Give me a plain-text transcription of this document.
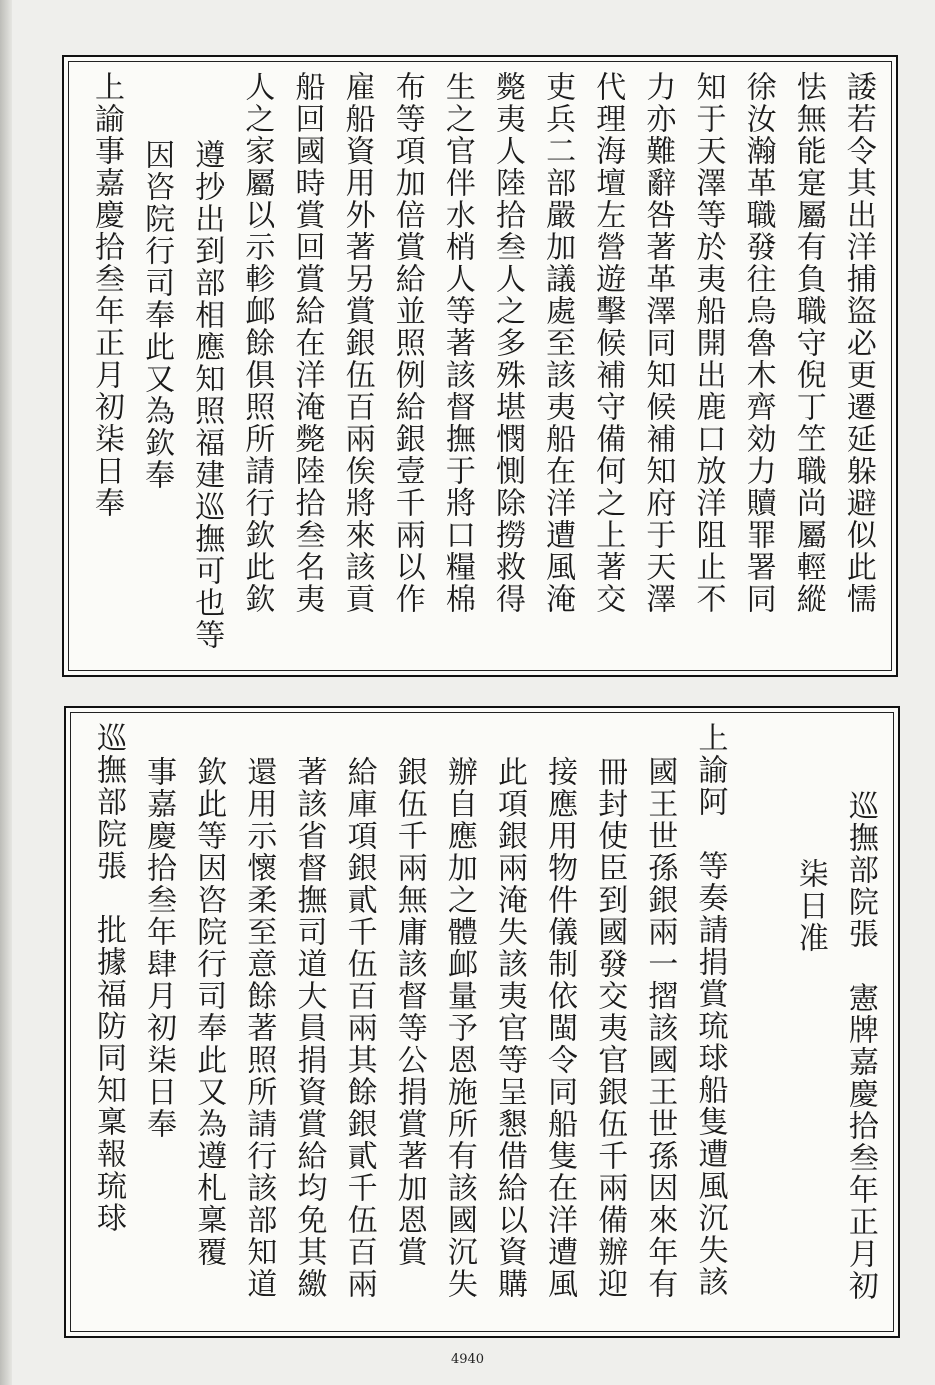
諉若令其出洋捕盜必更遷延躲避似此懦
怯無能寔屬有負職守倪丁笁職尚屬輕縱
徐汝瀚革職發往烏魯木齊効力贖罪署同
知于天澤等於夷船開出鹿口放洋阻止不
力亦難辭咎著革澤同知候補知府于天澤
代理海壇左營遊擊候補守備何之上著交
吏兵二部嚴加議處至該夷船在洋遭風淹
斃夷人陸拾叁人之多殊堪憫惻除撈救得
生之官伴水梢人等著該督撫于將口糧棉
布等項加倍賞給並照例給銀壹千兩以作
雇船資用外著另賞銀伍百兩俟將來該貢
船回國時賞回賞給在洋淹斃陸拾叁名夷
人之家屬以示軫䘏餘俱照所請行欽此欽
遵抄出到部相應知照福建巡撫可也等
因咨院行司奉此又為欽奉
上諭事嘉慶拾叁年正月初柒日奉
巡撫部院張　憲牌嘉慶拾叁年正月初
柒日准
上諭阿　等奏請捐賞琉球船隻遭風沉失該
國王世孫銀兩一摺該國王世孫因來年有
冊封使臣到國發交夷官銀伍千兩備辦迎
接應用物件儀制依閩令同船隻在洋遭風
此項銀兩淹失該夷官等呈懇借給以資購
辦自應加之體䘏量予恩施所有該國沉失
銀伍千兩無庸該督等公捐賞著加恩賞
給庫項銀貳千伍百兩其餘銀貳千伍百兩
著該省督撫司道大員捐資賞給均免其繳
還用示懷柔至意餘著照所請行該部知道
欽此等因咨院行司奉此又為遵札稟覆
事嘉慶拾叁年肆月初柒日奉
巡撫部院張　批據福防同知稟報琉球
4940
